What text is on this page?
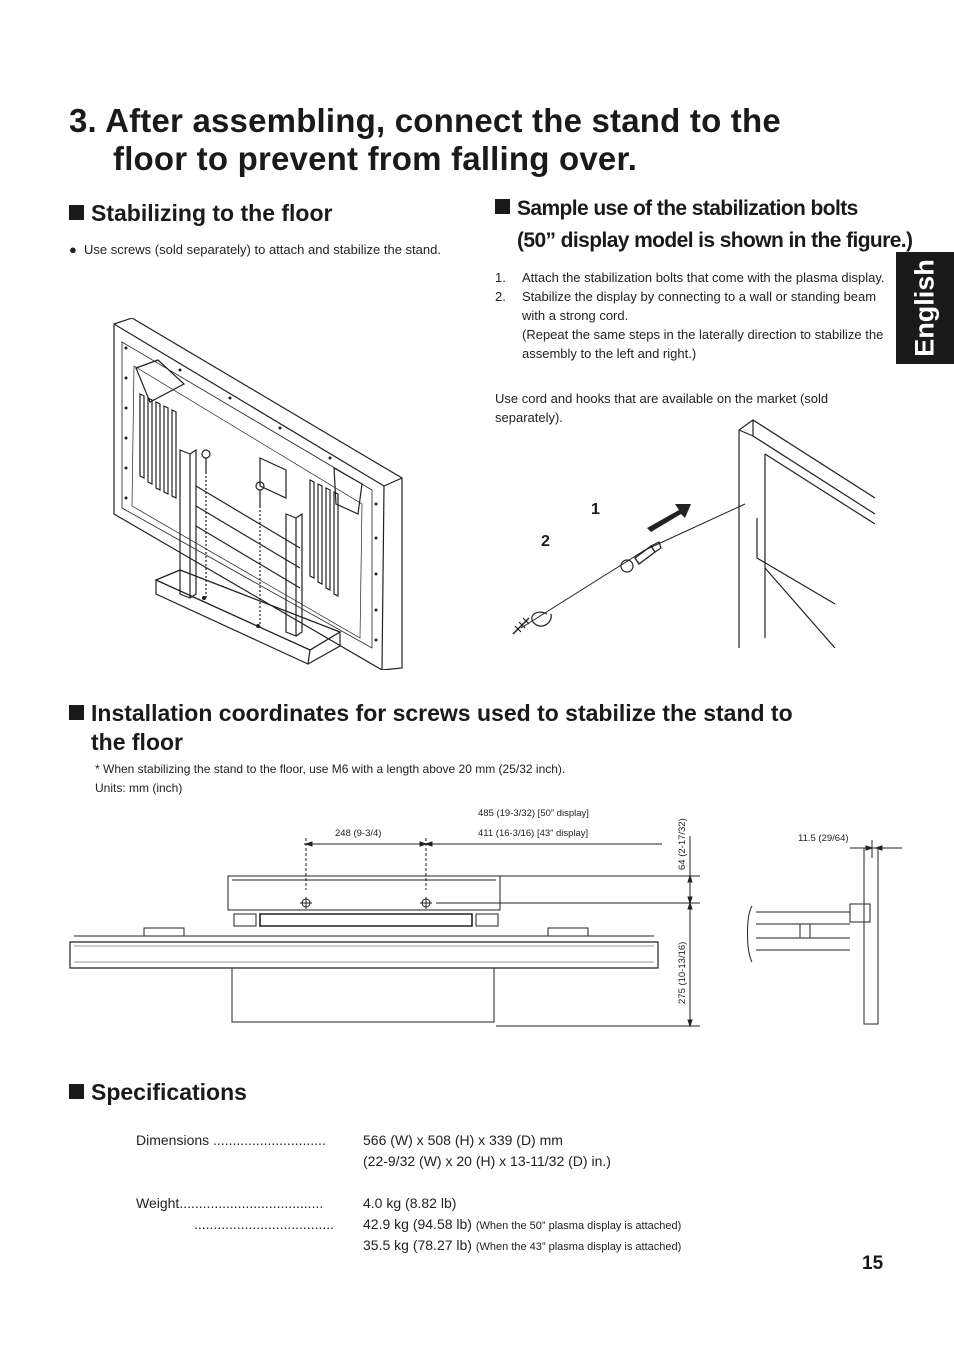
3. After assembling, connect the stand to the
floor to prevent from falling over.
English
Stabilizing to the floor
● Use screws (sold separately) to attach and stabilize the stand.
Sample use of the stabilization bolts
(50” display model is shown in the figure.)
1. Attach the stabilization bolts that come with the plasma display.
2. Stabilize the display by connecting to a wall or standing beam with a strong cord.
(Repeat the same steps in the laterally direction to stabilize the assembly to the left and right.)
Use cord and hooks that are available on the market (sold separately).
1
2
Installation coordinates for screws used to stabilize the stand to
the floor
* When stabilizing the stand to the floor, use M6 with a length above 20 mm (25/32 inch).
Units: mm (inch)
248 (9-3/4)
485 (19-3/32) [50” display]
411 (16-3/16) [43” display]	64 (2-17/32)
275 (10-13/16)
11.5 (29/64)
Specifications
Dimensions .............................	566 (W) x 508 (H) x 339 (D) mm
(22-9/32 (W) x 20 (H) x 13-11/32 (D) in.)
Weight.....................................	4.0 kg (8.82 lb)
.................................... 42.9 kg (94.58 lb) (When the 50” plasma display is attached)
35.5 kg (78.27 lb) (When the 43” plasma display is attached)
15
